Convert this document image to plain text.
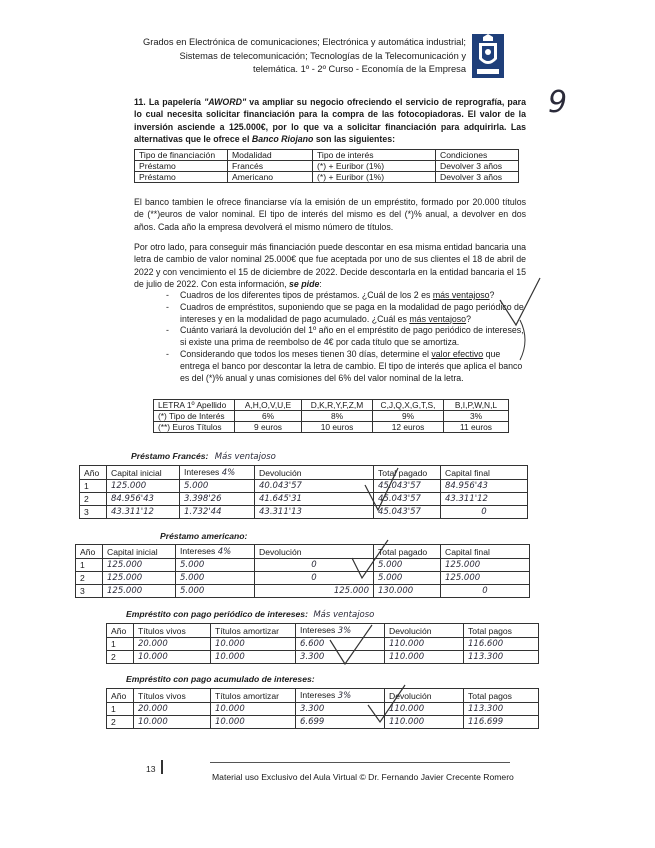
Grados en Electrónica de comunicaciones; Electrónica y automática industrial;
Sistemas de telecomunicación; Tecnologías de la Telecomunicación y
telemática. 1º - 2º Curso - Economía de la Empresa
11. La papelería "AWORD" va ampliar su negocio ofreciendo el servicio de reprografía, para lo cual necesita solicitar financiación para la compra de las fotocopiadoras. El valor de la inversión asciende a 125.000€, por lo que va a solicitar financiación para adquirirla. Las alternativas que le ofrece el Banco Riojano son las siguientes:
Tipo de financiación	Modalidad	Tipo de interés	Condiciones
Préstamo	Francés	(*) + Euribor (1%)	Devolver 3 años
Préstamo	Americano	(*) + Euribor (1%)	Devolver 3 años
El banco tambien le ofrece financiarse vía la emisión de un empréstito, formado por 20.000 títulos de (**)euros de valor nominal. El tipo de interés del mismo es del (*)% anual, a devolver en dos años. Cada año la empresa devolverá el mismo número de títulos.
Por otro lado, para conseguir más financiación puede descontar en esa misma entidad bancaria una letra de cambio de valor nominal 25.000€ que fue aceptada por uno de sus clientes el 18 de abril de 2022 y con vencimiento el 15 de diciembre de 2022. Decide descontarla en la entidad bancaria el 15 de julio de 2022. Con esta información, se pide:
- Cuadros de los diferentes tipos de préstamos. ¿Cuál de los 2 es más ventajoso?
- Cuadros de empréstitos, suponiendo que se paga en la modalidad de pago periódico de intereses y en la modalidad de pago acumulado. ¿Cuál es más ventajoso?
- Cuánto variará la devolución del 1º año en el empréstito de pago periódico de intereses, si existe una prima de reembolso de 4€ por cada título que se amortiza.
- Considerando que todos los meses tienen 30 días, determine el valor efectivo que entrega el banco por descontar la letra de cambio. El tipo de interés que aplica el banco es del (*)% anual y unas comisiones del 6% del valor nominal de la letra.
LETRA 1º Apellido	A,H,O,V,U,E	D,K,R,Y,F,Z,M	C,J,Q,X,G,T,S,	B,I,P,W,N,L
(*) Tipo de Interés	6%	8%	9%	3%
(**) Euros Títulos	9 euros	10 euros	12 euros	11 euros
Préstamo Francés: Más ventajoso
Año	Capital inicial	Intereses 4%	Devolución	Total pagado	Capital final
1	125.000	5.000	40.043'57	45.043'57	84.956'43
2	84.956'43	3.398'26	41.645'31	45.043'57	43.311'12
3	43.311'12	1.732'44	43.311'13	45.043'57	0
Préstamo americano:
Año	Capital inicial	Intereses 4%	Devolución	Total pagado	Capital final
1	125.000	5.000	0	5.000	125.000
2	125.000	5.000	0	5.000	125.000
3	125.000	5.000	125.000	130.000	0
Empréstito con pago periódico de intereses: Más ventajoso
Año	Títulos vivos	Títulos amortizar	Intereses 3%	Devolución	Total pagos
1	20.000	10.000	6.600	110.000	116.600
2	10.000	10.000	3.300	110.000	113.300
Empréstito con pago acumulado de intereses:
Año	Títulos vivos	Títulos amortizar	Intereses 3%	Devolución	Total pagos
1	20.000	10.000	3.300	110.000	113.300
2	10.000	10.000	6.699	110.000	116.699
9
13
Material uso Exclusivo del Aula Virtual © Dr. Fernando Javier Crecente Romero
